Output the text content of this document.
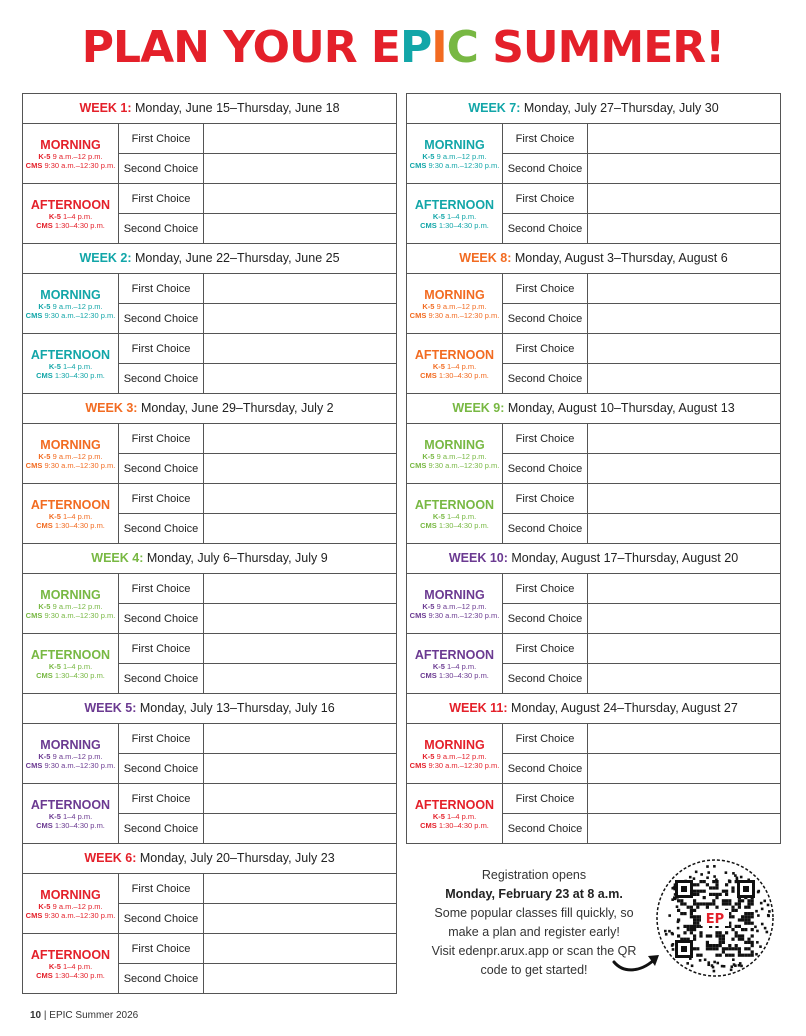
PLAN YOUR EPIC SUMMER!
WEEK 1: Monday, June 15–Thursday, June 18
MORNING
K-5 9 a.m.–12 p.m.
CMS 9:30 a.m.–12:30 p.m.
First Choice
Second Choice
AFTERNOON
K-5 1–4 p.m.
CMS 1:30–4:30 p.m.
First Choice
Second Choice
WEEK 2: Monday, June 22–Thursday, June 25
MORNING
K-5 9 a.m.–12 p.m.
CMS 9:30 a.m.–12:30 p.m.
First Choice
Second Choice
AFTERNOON
K-5 1–4 p.m.
CMS 1:30–4:30 p.m.
First Choice
Second Choice
WEEK 3: Monday, June 29–Thursday, July 2
MORNING
K-5 9 a.m.–12 p.m.
CMS 9:30 a.m.–12:30 p.m.
First Choice
Second Choice
AFTERNOON
K-5 1–4 p.m.
CMS 1:30–4:30 p.m.
First Choice
Second Choice
WEEK 4: Monday, July 6–Thursday, July 9
MORNING
K-5 9 a.m.–12 p.m.
CMS 9:30 a.m.–12:30 p.m.
First Choice
Second Choice
AFTERNOON
K-5 1–4 p.m.
CMS 1:30–4:30 p.m.
First Choice
Second Choice
WEEK 5: Monday, July 13–Thursday, July 16
MORNING
K-5 9 a.m.–12 p.m.
CMS 9:30 a.m.–12:30 p.m.
First Choice
Second Choice
AFTERNOON
K-5 1–4 p.m.
CMS 1:30–4:30 p.m.
First Choice
Second Choice
WEEK 6: Monday, July 20–Thursday, July 23
MORNING
K-5 9 a.m.–12 p.m.
CMS 9:30 a.m.–12:30 p.m.
First Choice
Second Choice
AFTERNOON
K-5 1–4 p.m.
CMS 1:30–4:30 p.m.
First Choice
Second Choice
WEEK 7: Monday, July 27–Thursday, July 30
MORNING
K-5 9 a.m.–12 p.m.
CMS 9:30 a.m.–12:30 p.m.
First Choice
Second Choice
AFTERNOON
K-5 1–4 p.m.
CMS 1:30–4:30 p.m.
First Choice
Second Choice
WEEK 8: Monday, August 3–Thursday, August 6
MORNING
K-5 9 a.m.–12 p.m.
CMS 9:30 a.m.–12:30 p.m.
First Choice
Second Choice
AFTERNOON
K-5 1–4 p.m.
CMS 1:30–4:30 p.m.
First Choice
Second Choice
WEEK 9: Monday, August 10–Thursday, August 13
MORNING
K-5 9 a.m.–12 p.m.
CMS 9:30 a.m.–12:30 p.m.
First Choice
Second Choice
AFTERNOON
K-5 1–4 p.m.
CMS 1:30–4:30 p.m.
First Choice
Second Choice
WEEK 10: Monday, August 17–Thursday, August 20
MORNING
K-5 9 a.m.–12 p.m.
CMS 9:30 a.m.–12:30 p.m.
First Choice
Second Choice
AFTERNOON
K-5 1–4 p.m.
CMS 1:30–4:30 p.m.
First Choice
Second Choice
WEEK 11: Monday, August 24–Thursday, August 27
MORNING
K-5 9 a.m.–12 p.m.
CMS 9:30 a.m.–12:30 p.m.
First Choice
Second Choice
AFTERNOON
K-5 1–4 p.m.
CMS 1:30–4:30 p.m.
First Choice
Second Choice
Registration opens
Monday, February 23 at 8 a.m.
Some popular classes fill quickly, so
make a plan and register early!
Visit edenpr.arux.app or scan the QR
code to get started!
EP
10 | EPIC Summer 2026
